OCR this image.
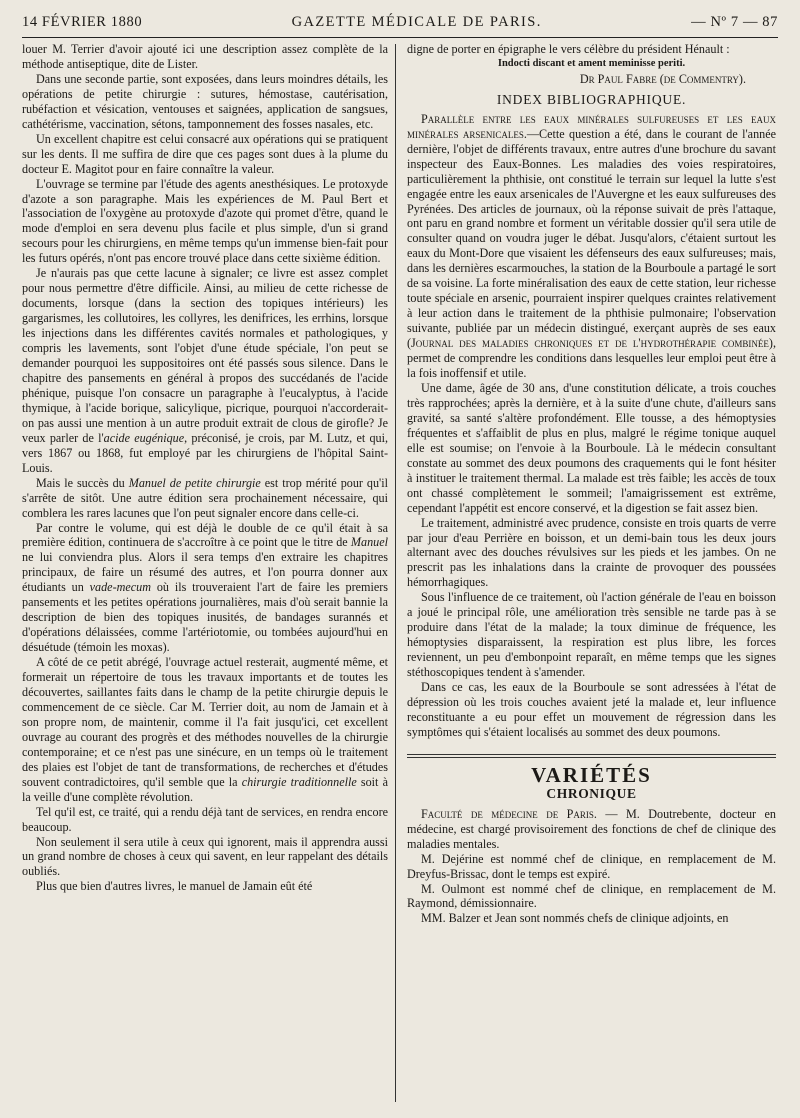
14 FÉVRIER 1880	GAZETTE MÉDICALE DE PARIS.	— Nº 7 — 87

louer M. Terrier d'avoir ajouté ici une description assez complète de la méthode antiseptique, dite de Lister.

Dans une seconde partie, sont exposées, dans leurs moindres détails, les opérations de petite chirurgie : sutures, hémostase, cautérisation, rubéfaction et vésication, ventouses et saignées, application de sangsues, cathétérisme, vaccination, sétons, tamponnement des fosses nasales, etc.

Un excellent chapitre est celui consacré aux opérations qui se pratiquent sur les dents. Il me suffira de dire que ces pages sont dues à la plume du docteur E. Magitot pour en faire connaître la valeur.

L'ouvrage se termine par l'étude des agents anesthésiques. Le protoxyde d'azote a son paragraphe. Mais les expériences de M. Paul Bert et l'association de l'oxygène au protoxyde d'azote qui promet d'être, quand le mode d'emploi en sera devenu plus facile et plus simple, d'un si grand secours pour les chirurgiens, en même temps qu'un immense bien-fait pour les futurs opérés, n'ont pas encore trouvé place dans cette sixième édition.

Je n'aurais pas que cette lacune à signaler; ce livre est assez complet pour nous permettre d'être difficile. Ainsi, au milieu de cette richesse de documents, lorsque (dans la section des topiques intérieurs) les gargarismes, les collutoires, les collyres, les denifrices, les errhins, lorsque les injections dans les différentes cavités normales et pathologiques, y compris les lavements, sont l'objet d'une étude spéciale, l'on peut se demander pourquoi les suppositoires ont été passés sous silence. Dans le chapitre des pansements en général à propos des succédanés de l'acide phénique, puisque l'on consacre un paragraphe à l'eucalyptus, à l'acide thymique, à l'acide borique, salicylique, picrique, pourquoi n'accorderait-on pas aussi une mention à un autre produit extrait de clous de girofle? Je veux parler de l'acide eugénique, préconisé, je crois, par M. Lutz, et qui, vers 1867 ou 1868, fut employé par les chirurgiens de l'hôpital Saint-Louis.

Mais le succès du Manuel de petite chirurgie est trop mérité pour qu'il s'arrête de sitôt. Une autre édition sera prochainement nécessaire, qui comblera les rares lacunes que l'on peut signaler encore dans celle-ci.

Par contre le volume, qui est déjà le double de ce qu'il était à sa première édition, continuera de s'accroître à ce point que le titre de Manuel ne lui conviendra plus. Alors il sera temps d'en extraire les chapitres principaux, de faire un résumé des autres, et l'on pourra donner aux étudiants un vade-mecum où ils trouveraient l'art de faire les premiers pansements et les petites opérations journalières, mais d'où serait bannie la description de bien des topiques inusités, de bandages surannés et d'opérations délaissées, comme l'artériotomie, ou tombées aujourd'hui en désuétude (témoin les moxas).

A côté de ce petit abrégé, l'ouvrage actuel resterait, augmenté même, et formerait un répertoire de tous les travaux importants et de toutes les découvertes, saillantes faits dans le champ de la petite chirurgie depuis le commencement de ce siècle. Car M. Terrier doit, au nom de Jamain et à son propre nom, de maintenir, comme il l'a fait jusqu'ici, cet excellent ouvrage au courant des progrès et des méthodes nouvelles de la chirurgie contemporaine; et ce n'est pas une sinécure, en un temps où le traitement des plaies est l'objet de tant de transformations, de recherches et d'études souvent contradictoires, qu'il semble que la chirurgie traditionnelle soit à la veille d'une complète révolution.

Tel qu'il est, ce traité, qui a rendu déjà tant de services, en rendra encore beaucoup.

Non seulement il sera utile à ceux qui ignorent, mais il apprendra aussi un grand nombre de choses à ceux qui savent, en leur rappelant des détails oubliés.

Plus que bien d'autres livres, le manuel de Jamain eût été

digne de porter en épigraphe le vers célèbre du président Hénault :

Indocti discant et ament meminisse periti.

Dr Paul Fabre (de Commentry).

INDEX BIBLIOGRAPHIQUE.

Parallèle entre les eaux minérales sulfureuses et les eaux minérales arsenicales.—Cette question a été, dans le courant de l'année dernière, l'objet de différents travaux, entre autres d'une brochure du savant inspecteur des Eaux-Bonnes. Les maladies des voies respiratoires, particulièrement la phthisie, ont constitué le terrain sur lequel la lutte s'est engagée entre les eaux arsenicales de l'Auvergne et les eaux sulfureuses des Pyrénées. Des articles de journaux, où la réponse suivait de près l'attaque, ont paru en grand nombre et forment un véritable dossier qu'il sera utile de consulter quand on voudra juger le débat. Jusqu'alors, c'étaient surtout les eaux du Mont-Dore que visaient les défenseurs des eaux sulfureuses; mais, dans les dernières escarmouches, la station de la Bourboule a partagé le sort de sa voisine. La forte minéralisation des eaux de cette station, leur richesse toute spéciale en arsenic, pourraient inspirer quelques craintes relativement à leur action dans le traitement de la phthisie pulmonaire; l'observation suivante, publiée par un médecin distingué, exerçant auprès de ses eaux (Journal des maladies chroniques et de l'hydrothérapie combinée), permet de comprendre les conditions dans lesquelles leur emploi peut être à la fois inoffensif et utile.

Une dame, âgée de 30 ans, d'une constitution délicate, a trois couches très rapprochées; après la dernière, et à la suite d'une chute, d'ailleurs sans gravité, sa santé s'altère profondément. Elle tousse, a des hémoptysies fréquentes et s'affaiblit de plus en plus, malgré le régime tonique auquel elle est soumise; on l'envoie à la Bourboule. Là le médecin consultant constate au sommet des deux poumons des craquements qui le font hésiter à instituer le traitement thermal. La malade est très faible; les accès de toux ont chassé complètement le sommeil; l'amaigrissement est extrême, cependant l'appétit est encore conservé, et la digestion se fait assez bien.

Le traitement, administré avec prudence, consiste en trois quarts de verre par jour d'eau Perrière en boisson, et un demi-bain tous les deux jours alternant avec des douches révulsives sur les pieds et les jambes. On ne prescrit pas les inhalations dans la crainte de provoquer des poussées hémorrhagiques.

Sous l'influence de ce traitement, où l'action générale de l'eau en boisson a joué le principal rôle, une amélioration très sensible ne tarde pas à se produire dans l'état de la malade; la toux diminue de fréquence, les hémoptysies disparaissent, la respiration est plus libre, les forces reviennent, un peu d'embonpoint reparaît, en même temps que les signes stéthoscopiques tendent à s'amender.

Dans ce cas, les eaux de la Bourboule se sont adressées à l'état de dépression où les trois couches avaient jeté la malade et, leur influence reconstituante a eu pour effet un mouvement de régression dans les symptômes qui s'étaient localisés au sommet des deux poumons.

VARIÉTÉS
CHRONIQUE

Faculté de médecine de Paris. — M. Doutrebente, docteur en médecine, est chargé provisoirement des fonctions de chef de clinique des maladies mentales.

M. Dejérine est nommé chef de clinique, en remplacement de M. Dreyfus-Brissac, dont le temps est expiré.

M. Oulmont est nommé chef de clinique, en remplacement de M. Raymond, démissionnaire.

MM. Balzer et Jean sont nommés chefs de clinique adjoints, en
